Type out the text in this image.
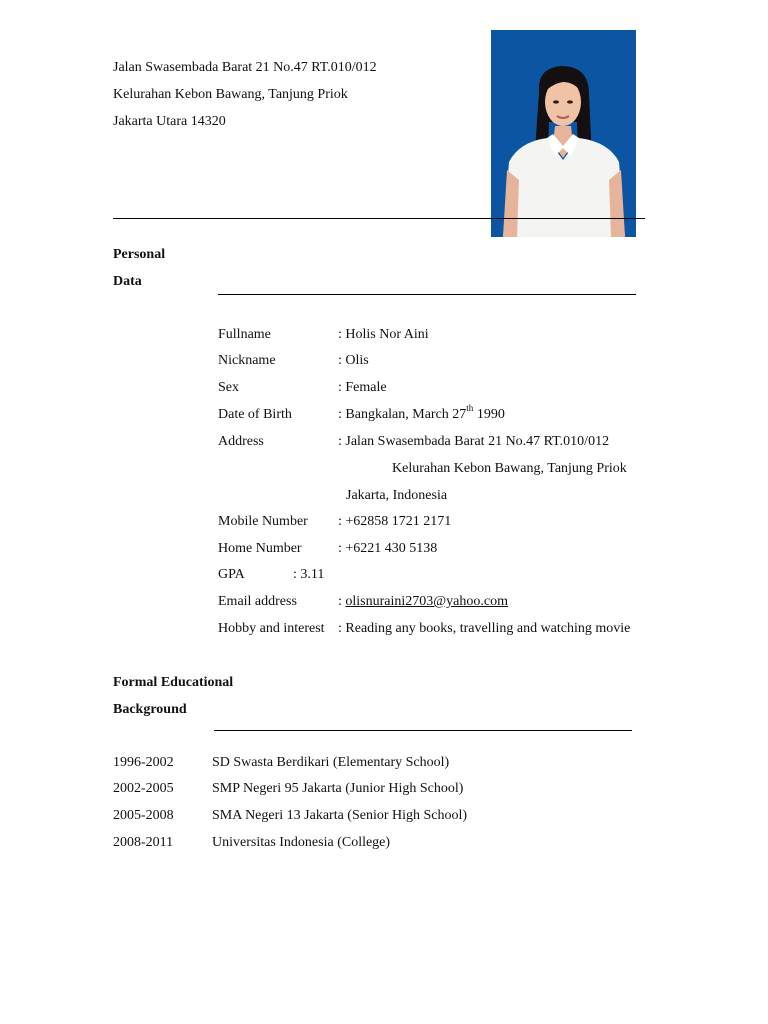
Jalan Swasembada Barat 21 No.47 RT.010/012
Kelurahan Kebon Bawang, Tanjung Priok
Jakarta Utara 14320
Personal
Data
Fullname	: Holis Nor Aini
Nickname	: Olis
Sex	: Female
Date of Birth	: Bangkalan, March 27th 1990
Address	: Jalan Swasembada Barat 21 No.47 RT.010/012
Kelurahan Kebon Bawang, Tanjung Priok
Jakarta, Indonesia
Mobile Number : +62858 1721 2171
Home Number	: +6221 430 5138
GPA	: 3.11
Email address	: olisnuraini2703@yahoo.com
Hobby and interest : Reading any books, travelling and watching movie
Formal Educational
Background
1996-2002	SD Swasta Berdikari (Elementary School)
2002-2005	SMP Negeri 95 Jakarta (Junior High School)
2005-2008	SMA Negeri 13 Jakarta (Senior High School)
2008-2011	Universitas Indonesia (College)
